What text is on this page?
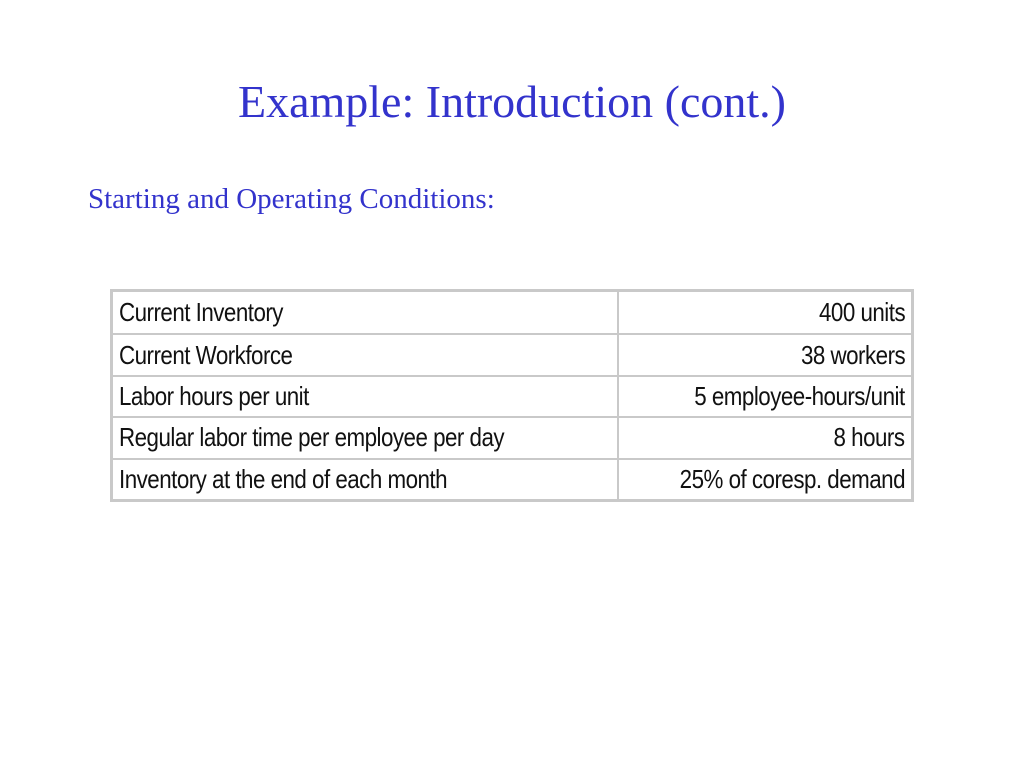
Example: Introduction (cont.)
Starting and Operating Conditions:
Current Inventory	400 units
Current Workforce	38 workers
Labor hours per unit	5 employee-hours/unit
Regular labor time per employee per day	8 hours
Inventory at the end of each month	25% of coresp. demand
